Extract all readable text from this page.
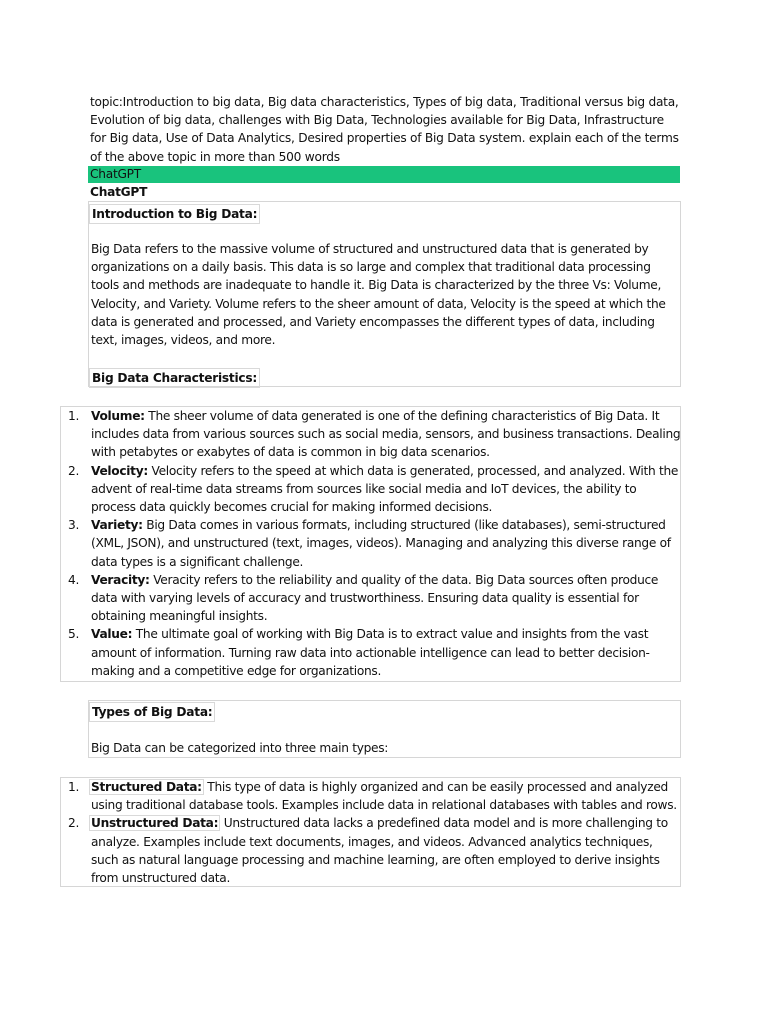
topic:Introduction to big data, Big data characteristics, Types of big data, Traditional versus big data, Evolution of big data, challenges with Big Data, Technologies available for Big Data, Infrastructure for Big data, Use of Data Analytics, Desired properties of Big Data system. explain each of the terms of the above topic in more than 500 words
ChatGPT
ChatGPT
Introduction to Big Data:
Big Data refers to the massive volume of structured and unstructured data that is generated by organizations on a daily basis. This data is so large and complex that traditional data processing tools and methods are inadequate to handle it. Big Data is characterized by the three Vs: Volume, Velocity, and Variety. Volume refers to the sheer amount of data, Velocity is the speed at which the data is generated and processed, and Variety encompasses the different types of data, including text, images, videos, and more.
Big Data Characteristics:
1. Volume: The sheer volume of data generated is one of the defining characteristics of Big Data. It includes data from various sources such as social media, sensors, and business transactions. Dealing with petabytes or exabytes of data is common in big data scenarios.
2. Velocity: Velocity refers to the speed at which data is generated, processed, and analyzed. With the advent of real-time data streams from sources like social media and IoT devices, the ability to process data quickly becomes crucial for making informed decisions.
3. Variety: Big Data comes in various formats, including structured (like databases), semi-structured (XML, JSON), and unstructured (text, images, videos). Managing and analyzing this diverse range of data types is a significant challenge.
4. Veracity: Veracity refers to the reliability and quality of the data. Big Data sources often produce data with varying levels of accuracy and trustworthiness. Ensuring data quality is essential for obtaining meaningful insights.
5. Value: The ultimate goal of working with Big Data is to extract value and insights from the vast amount of information. Turning raw data into actionable intelligence can lead to better decision-making and a competitive edge for organizations.
Types of Big Data:
Big Data can be categorized into three main types:
1. Structured Data: This type of data is highly organized and can be easily processed and analyzed using traditional database tools. Examples include data in relational databases with tables and rows.
2. Unstructured Data: Unstructured data lacks a predefined data model and is more challenging to analyze. Examples include text documents, images, and videos. Advanced analytics techniques, such as natural language processing and machine learning, are often employed to derive insights from unstructured data.
